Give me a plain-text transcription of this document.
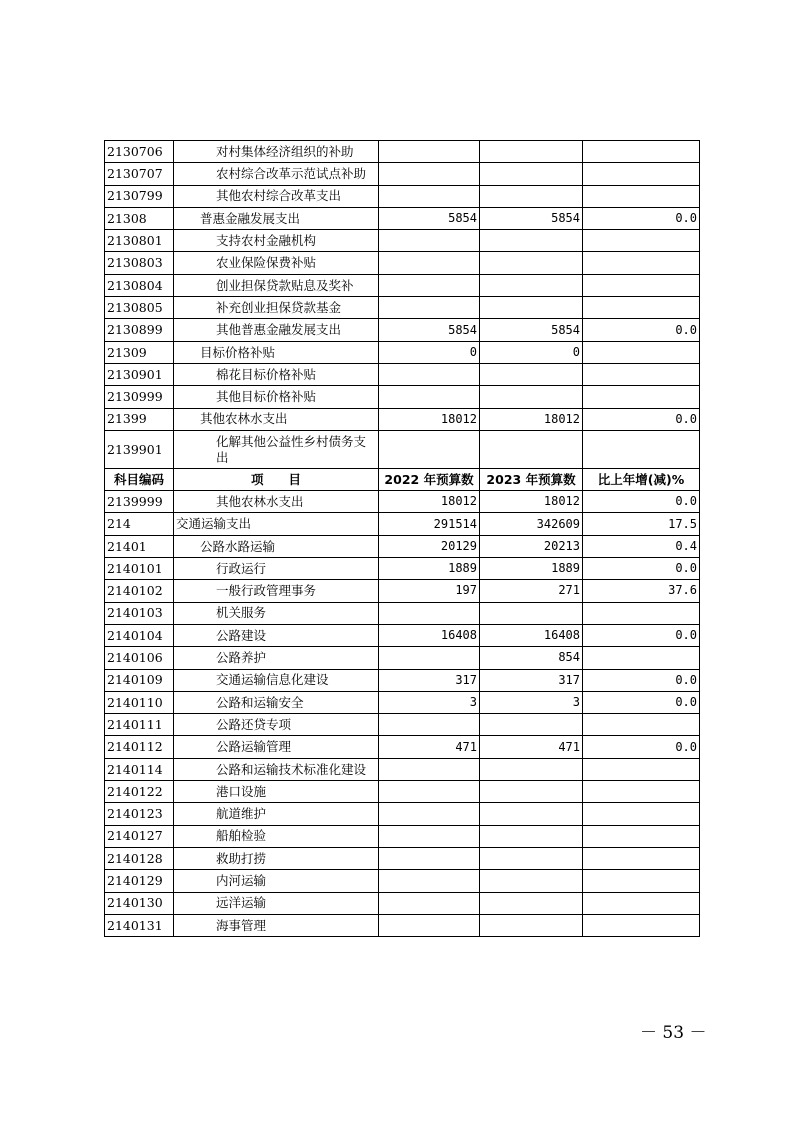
2130706	对村集体经济组织的补助			
2130707	农村综合改革示范试点补助			
2130799	其他农村综合改革支出			
21308	普惠金融发展支出	5854	5854	0.0
2130801	支持农村金融机构			
2130803	农业保险保费补贴			
2130804	创业担保贷款贴息及奖补			
2130805	补充创业担保贷款基金			
2130899	其他普惠金融发展支出	5854	5854	0.0
21309	目标价格补贴	0	0	
2130901	棉花目标价格补贴			
2130999	其他目标价格补贴			
21399	其他农林水支出	18012	18012	0.0
2139901	化解其他公益性乡村债务支出			
科目编码	项　　目	2022 年预算数	2023 年预算数	比上年增(减)%
2139999	其他农林水支出	18012	18012	0.0
214	交通运输支出	291514	342609	17.5
21401	公路水路运输	20129	20213	0.4
2140101	行政运行	1889	1889	0.0
2140102	一般行政管理事务	197	271	37.6
2140103	机关服务			
2140104	公路建设	16408	16408	0.0
2140106	公路养护		854	
2140109	交通运输信息化建设	317	317	0.0
2140110	公路和运输安全	3	3	0.0
2140111	公路还贷专项			
2140112	公路运输管理	471	471	0.0
2140114	公路和运输技术标准化建设			
2140122	港口设施			
2140123	航道维护			
2140127	船舶检验			
2140128	救助打捞			
2140129	内河运输			
2140130	远洋运输			
2140131	海事管理			
－ 53 －
